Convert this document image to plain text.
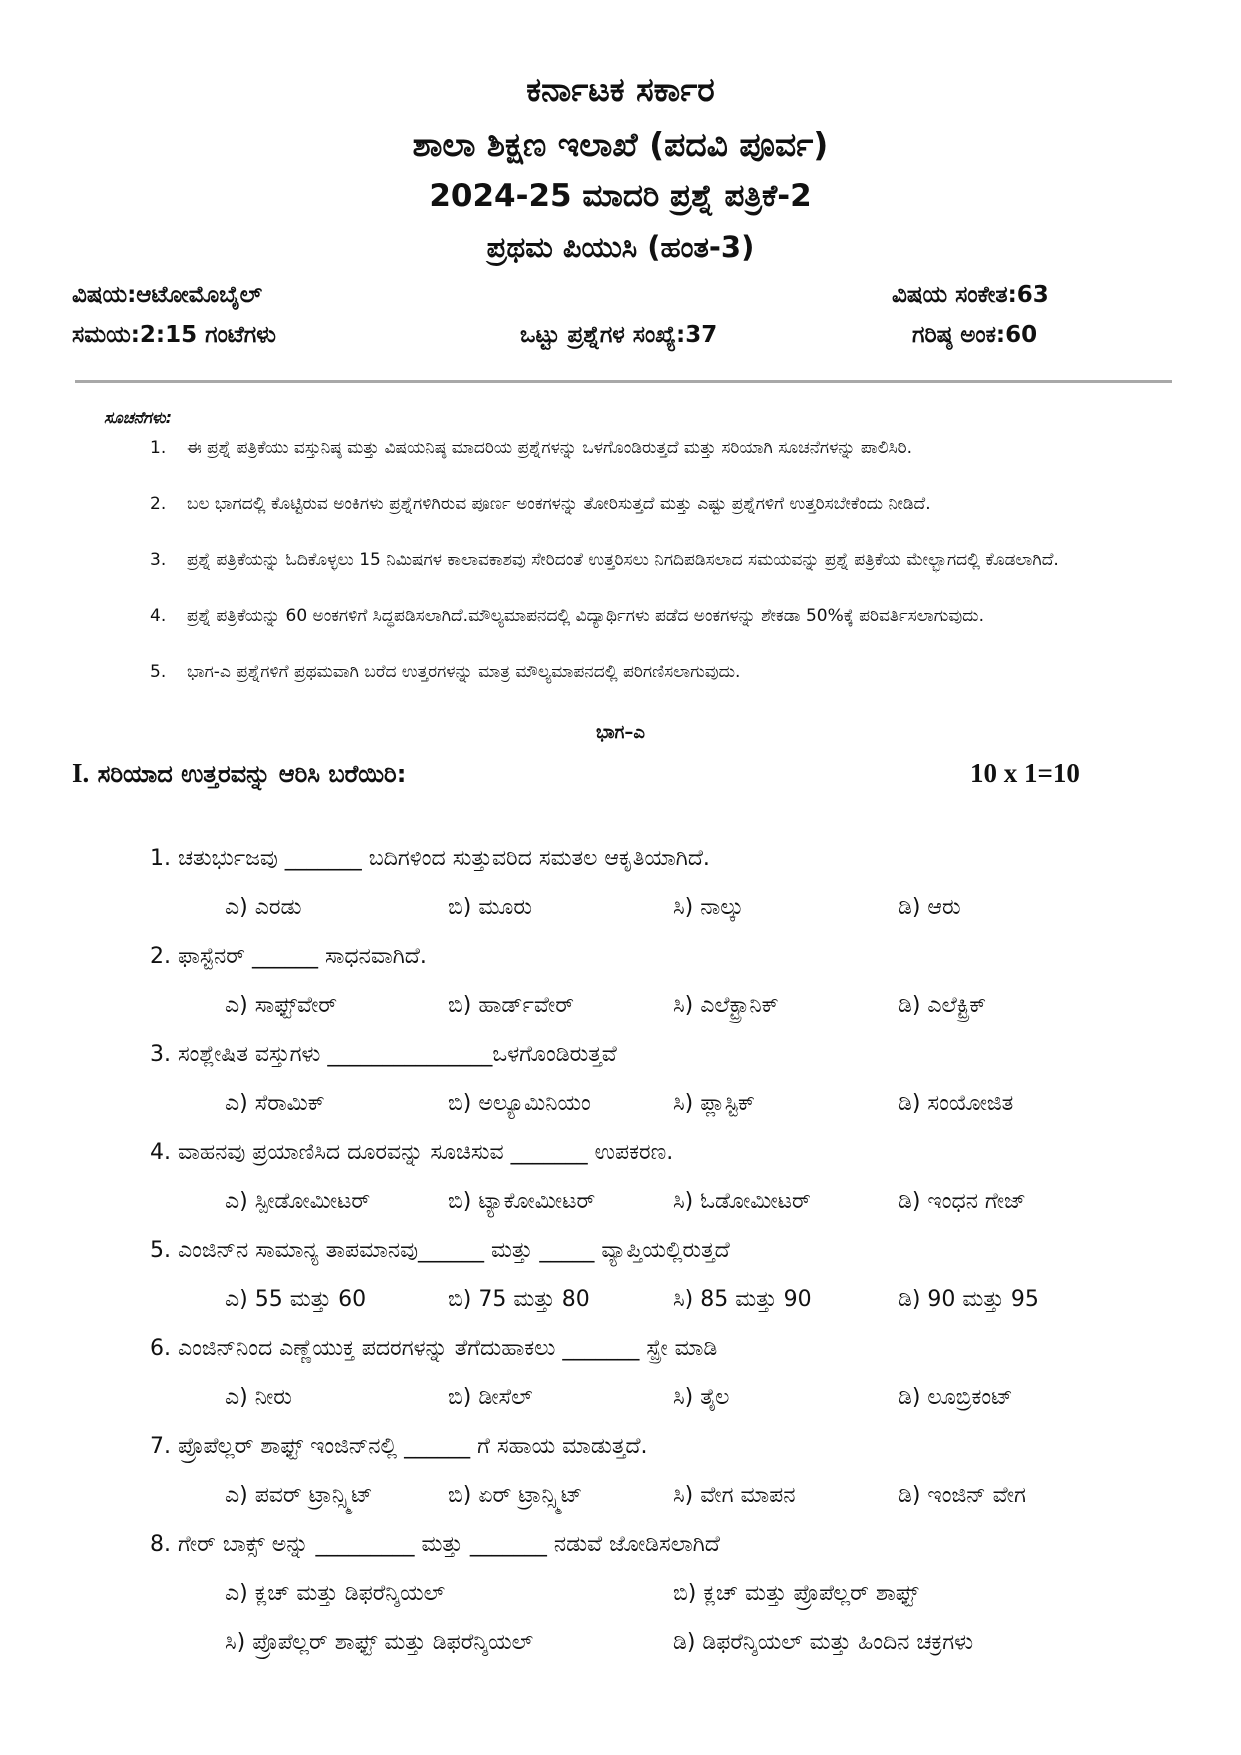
ಕರ್ನಾಟಕ ಸರ್ಕಾರ
ಶಾಲಾ ಶಿಕ್ಷಣ ಇಲಾಖೆ (ಪದವಿ ಪೂರ್ವ)
2024-25 ಮಾದರಿ ಪ್ರಶ್ನೆ ಪತ್ರಿಕೆ-2
ಪ್ರಥಮ ಪಿಯುಸಿ (ಹಂತ-3)
ವಿಷಯ:ಆಟೋಮೊಬೈಲ್	ವಿಷಯ ಸಂಕೇತ:63
ಸಮಯ:2:15 ಗಂಟೆಗಳು	ಒಟ್ಟು ಪ್ರಶ್ನೆಗಳ ಸಂಖ್ಯೆ:37	ಗರಿಷ್ಠ ಅಂಕ:60
ಸೂಚನೆಗಳು:
1.	ಈ ಪ್ರಶ್ನೆ ಪತ್ರಿಕೆಯು ವಸ್ತುನಿಷ್ಠ ಮತ್ತು ವಿಷಯನಿಷ್ಠ ಮಾದರಿಯ ಪ್ರಶ್ನೆಗಳನ್ನು ಒಳಗೊಂಡಿರುತ್ತದೆ ಮತ್ತು ಸರಿಯಾಗಿ ಸೂಚನೆಗಳನ್ನು ಪಾಲಿಸಿರಿ.
2.	ಬಲ ಭಾಗದಲ್ಲಿ ಕೊಟ್ಟಿರುವ ಅಂಕಿಗಳು ಪ್ರಶ್ನೆಗಳಿಗಿರುವ ಪೂರ್ಣ ಅಂಕಗಳನ್ನು ತೋರಿಸುತ್ತದೆ ಮತ್ತು ಎಷ್ಟು ಪ್ರಶ್ನೆಗಳಿಗೆ ಉತ್ತರಿಸಬೇಕೆಂದು ನೀಡಿದೆ.
3.	ಪ್ರಶ್ನೆ ಪತ್ರಿಕೆಯನ್ನು ಓದಿಕೊಳ್ಳಲು 15 ನಿಮಿಷಗಳ ಕಾಲಾವಕಾಶವು ಸೇರಿದಂತೆ ಉತ್ತರಿಸಲು ನಿಗದಿಪಡಿಸಲಾದ ಸಮಯವನ್ನು ಪ್ರಶ್ನೆ ಪತ್ರಿಕೆಯ ಮೇಲ್ಭಾಗದಲ್ಲಿ ಕೊಡಲಾಗಿದೆ.
4.	ಪ್ರಶ್ನೆ ಪತ್ರಿಕೆಯನ್ನು 60 ಅಂಕಗಳಿಗೆ ಸಿದ್ಧಪಡಿಸಲಾಗಿದೆ.ಮೌಲ್ಯಮಾಪನದಲ್ಲಿ ವಿದ್ಯಾರ್ಥಿಗಳು ಪಡೆದ ಅಂಕಗಳನ್ನು ಶೇಕಡಾ 50%ಕ್ಕೆ ಪರಿವರ್ತಿಸಲಾಗುವುದು.
5.	ಭಾಗ-ಎ ಪ್ರಶ್ನೆಗಳಿಗೆ ಪ್ರಥಮವಾಗಿ ಬರೆದ ಉತ್ತರಗಳನ್ನು ಮಾತ್ರ ಮೌಲ್ಯಮಾಪನದಲ್ಲಿ ಪರಿಗಣಿಸಲಾಗುವುದು.
ಭಾಗ–ಎ
I. ಸರಿಯಾದ ಉತ್ತರವನ್ನು ಆರಿಸಿ ಬರೆಯಿರಿ:	10 x 1=10
1. ಚತುರ್ಭುಜವು _______ ಬದಿಗಳಿಂದ ಸುತ್ತುವರಿದ ಸಮತಲ ಆಕೃತಿಯಾಗಿದೆ.
ಎ) ಎರಡು	ಬಿ) ಮೂರು	ಸಿ) ನಾಲ್ಕು	ಡಿ) ಆರು
2. ಫಾಸ್ಟೆನರ್ ______ ಸಾಧನವಾಗಿದೆ.
ಎ) ಸಾಫ್ಟ್‌ವೇರ್	ಬಿ) ಹಾರ್ಡ್‌ವೇರ್	ಸಿ) ಎಲೆಕ್ಟ್ರಾನಿಕ್	ಡಿ) ಎಲೆಕ್ಟ್ರಿಕ್
3. ಸಂಶ್ಲೇಷಿತ ವಸ್ತುಗಳು _______________ಒಳಗೊಂಡಿರುತ್ತವೆ
ಎ) ಸೆರಾಮಿಕ್	ಬಿ) ಅಲ್ಯೂಮಿನಿಯಂ	ಸಿ) ಪ್ಲಾಸ್ಟಿಕ್	ಡಿ) ಸಂಯೋಜಿತ
4. ವಾಹನವು ಪ್ರಯಾಣಿಸಿದ ದೂರವನ್ನು ಸೂಚಿಸುವ _______ ಉಪಕರಣ.
ಎ) ಸ್ಪೀಡೋಮೀಟರ್	ಬಿ) ಟ್ಯಾಕೋಮೀಟರ್	ಸಿ) ಓಡೋಮೀಟರ್	ಡಿ) ಇಂಧನ ಗೇಜ್
5. ಎಂಜಿನ್‌ನ ಸಾಮಾನ್ಯ ತಾಪಮಾನವು______ ಮತ್ತು _____ ವ್ಯಾಪ್ತಿಯಲ್ಲಿರುತ್ತದೆ
ಎ) 55 ಮತ್ತು 60	ಬಿ) 75 ಮತ್ತು 80	ಸಿ) 85 ಮತ್ತು 90	ಡಿ) 90 ಮತ್ತು 95
6. ಎಂಜಿನ್‌ನಿಂದ ಎಣ್ಣೆಯುಕ್ತ ಪದರಗಳನ್ನು ತೆಗೆದುಹಾಕಲು _______ ಸ್ಪ್ರೇ ಮಾಡಿ
ಎ) ನೀರು	ಬಿ) ಡೀಸೆಲ್	ಸಿ) ತೈಲ	ಡಿ) ಲೂಬ್ರಿಕಂಟ್
7. ಪ್ರೊಪೆಲ್ಲರ್ ಶಾಫ್ಟ್ ಇಂಜಿನ್‌ನಲ್ಲಿ ______ ಗೆ ಸಹಾಯ ಮಾಡುತ್ತದೆ.
ಎ) ಪವರ್ ಟ್ರಾನ್ಸ್ಮಿಟ್	ಬಿ) ಏರ್ ಟ್ರಾನ್ಸ್ಮಿಟ್	ಸಿ) ವೇಗ ಮಾಪನ	ಡಿ) ಇಂಜಿನ್ ವೇಗ
8. ಗೇರ್ ಬಾಕ್ಸ್ ಅನ್ನು _________ ಮತ್ತು _______ ನಡುವೆ ಜೋಡಿಸಲಾಗಿದೆ
ಎ) ಕ್ಲಚ್ ಮತ್ತು ಡಿಫರೆನ್ಶಿಯಲ್	ಬಿ) ಕ್ಲಚ್ ಮತ್ತು ಪ್ರೊಪೆಲ್ಲರ್ ಶಾಫ್ಟ್
ಸಿ) ಪ್ರೊಪೆಲ್ಲರ್ ಶಾಫ್ಟ್ ಮತ್ತು ಡಿಫರೆನ್ಶಿಯಲ್	ಡಿ) ಡಿಫರೆನ್ಶಿಯಲ್ ಮತ್ತು ಹಿಂದಿನ ಚಕ್ರಗಳು
